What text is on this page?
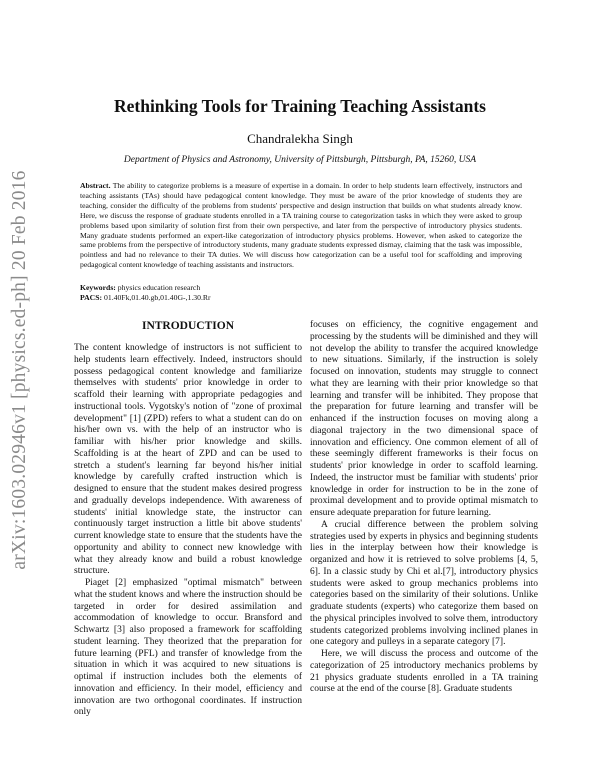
arXiv:1603.02946v1 [physics.ed-ph] 20 Feb 2016
Rethinking Tools for Training Teaching Assistants

Chandralekha Singh

Department of Physics and Astronomy, University of Pittsburgh, Pittsburgh, PA, 15260, USA

Abstract. The ability to categorize problems is a measure of expertise in a domain. In order to help students learn effectively, instructors and teaching assistants (TAs) should have pedagogical content knowledge. They must be aware of the prior knowledge of students they are teaching, consider the difficulty of the problems from students' perspective and design instruction that builds on what students already know. Here, we discuss the response of graduate students enrolled in a TA training course to categorization tasks in which they were asked to group problems based upon similarity of solution first from their own perspective, and later from the perspective of introductory physics students. Many graduate students performed an expert-like categorization of introductory physics problems. However, when asked to categorize the same problems from the perspective of introductory students, many graduate students expressed dismay, claiming that the task was impossible, pointless and had no relevance to their TA duties. We will discuss how categorization can be a useful tool for scaffolding and improving pedagogical content knowledge of teaching assistants and instructors.

Keywords: physics education research
PACS: 01.40Fk,01.40.gb,01.40G-,1.30.Rr

INTRODUCTION

The content knowledge of instructors is not sufficient to help students learn effectively. Indeed, instructors should possess pedagogical content knowledge and familiarize themselves with students' prior knowledge in order to scaffold their learning with appropriate pedagogies and instructional tools. Vygotsky's notion of "zone of proximal development" [1] (ZPD) refers to what a student can do on his/her own vs. with the help of an instructor who is familiar with his/her prior knowledge and skills. Scaffolding is at the heart of ZPD and can be used to stretch a student's learning far beyond his/her initial knowledge by carefully crafted instruction which is designed to ensure that the student makes desired progress and gradually develops independence. With awareness of students' initial knowledge state, the instructor can continuously target instruction a little bit above students' current knowledge state to ensure that the students have the opportunity and ability to connect new knowledge with what they already know and build a robust knowledge structure.

Piaget [2] emphasized "optimal mismatch" between what the student knows and where the instruction should be targeted in order for desired assimilation and accommodation of knowledge to occur. Bransford and Schwartz [3] also proposed a framework for scaffolding student learning. They theorized that the preparation for future learning (PFL) and transfer of knowledge from the situation in which it was acquired to new situations is optimal if instruction includes both the elements of innovation and efficiency. In their model, efficiency and innovation are two orthogonal coordinates. If instruction only

focuses on efficiency, the cognitive engagement and processing by the students will be diminished and they will not develop the ability to transfer the acquired knowledge to new situations. Similarly, if the instruction is solely focused on innovation, students may struggle to connect what they are learning with their prior knowledge so that learning and transfer will be inhibited. They propose that the preparation for future learning and transfer will be enhanced if the instruction focuses on moving along a diagonal trajectory in the two dimensional space of innovation and efficiency. One common element of all of these seemingly different frameworks is their focus on students' prior knowledge in order to scaffold learning. Indeed, the instructor must be familiar with students' prior knowledge in order for instruction to be in the zone of proximal development and to provide optimal mismatch to ensure adequate preparation for future learning.

A crucial difference between the problem solving strategies used by experts in physics and beginning students lies in the interplay between how their knowledge is organized and how it is retrieved to solve problems [4, 5, 6]. In a classic study by Chi et al.[7], introductory physics students were asked to group mechanics problems into categories based on the similarity of their solutions. Unlike graduate students (experts) who categorize them based on the physical principles involved to solve them, introductory students categorized problems involving inclined planes in one category and pulleys in a separate category [7].

Here, we will discuss the process and outcome of the categorization of 25 introductory mechanics problems by 21 physics graduate students enrolled in a TA training course at the end of the course [8]. Graduate students
